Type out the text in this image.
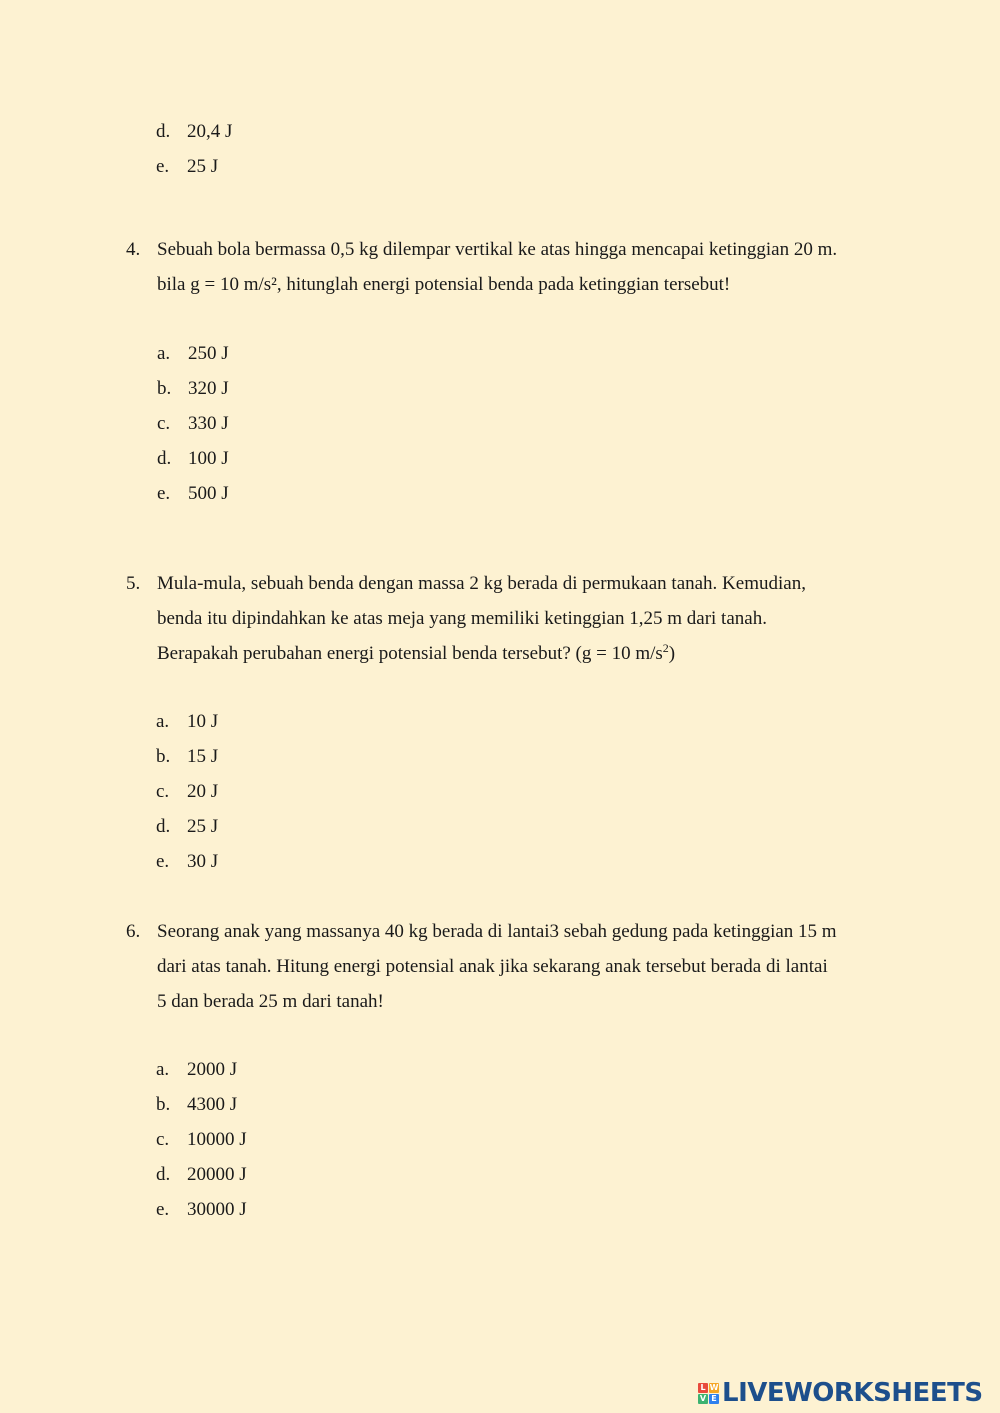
d. 20,4 J
e. 25 J
4. Sebuah bola bermassa 0,5 kg dilempar vertikal ke atas hingga mencapai ketinggian 20 m.
bila g = 10 m/s², hitunglah energi potensial benda pada ketinggian tersebut!
a. 250 J
b. 320 J
c. 330 J
d. 100 J
e. 500 J
5. Mula-mula, sebuah benda dengan massa 2 kg berada di permukaan tanah. Kemudian,
benda itu dipindahkan ke atas meja yang memiliki ketinggian 1,25 m dari tanah.
Berapakah perubahan energi potensial benda tersebut? (g = 10 $m/s^2$)
a. 10 J
b. 15 J
c. 20 J
d. 25 J
e. 30 J
6. Seorang anak yang massanya 40 kg berada di lantai3 sebah gedung pada ketinggian 15 m
dari atas tanah. Hitung energi potensial anak jika sekarang anak tersebut berada di lantai
5 dan berada 25 m dari tanah!
a. 2000 J
b. 4300 J
c. 10000 J
d. 20000 J
e. 30000 J
L W
V E LIVEWORKSHEETS
